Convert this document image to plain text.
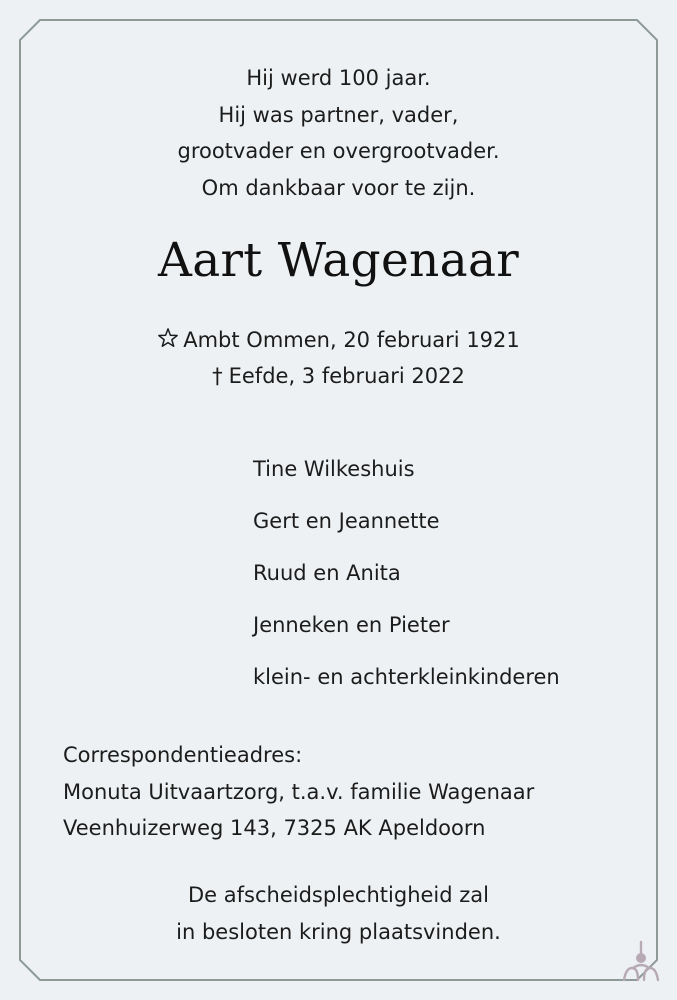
Hij werd 100 jaar.
Hij was partner, vader,
grootvader en overgrootvader.
Om dankbaar voor te zijn.
Aart Wagenaar
Ambt Ommen, 20 februari 1921
† Eefde, 3 februari 2022
Tine Wilkeshuis
Gert en Jeannette
Ruud en Anita
Jenneken en Pieter
klein- en achterkleinkinderen
Correspondentieadres:
Monuta Uitvaartzorg, t.a.v. familie Wagenaar
Veenhuizerweg 143, 7325 AK Apeldoorn
De afscheidsplechtigheid zal
in besloten kring plaatsvinden.
